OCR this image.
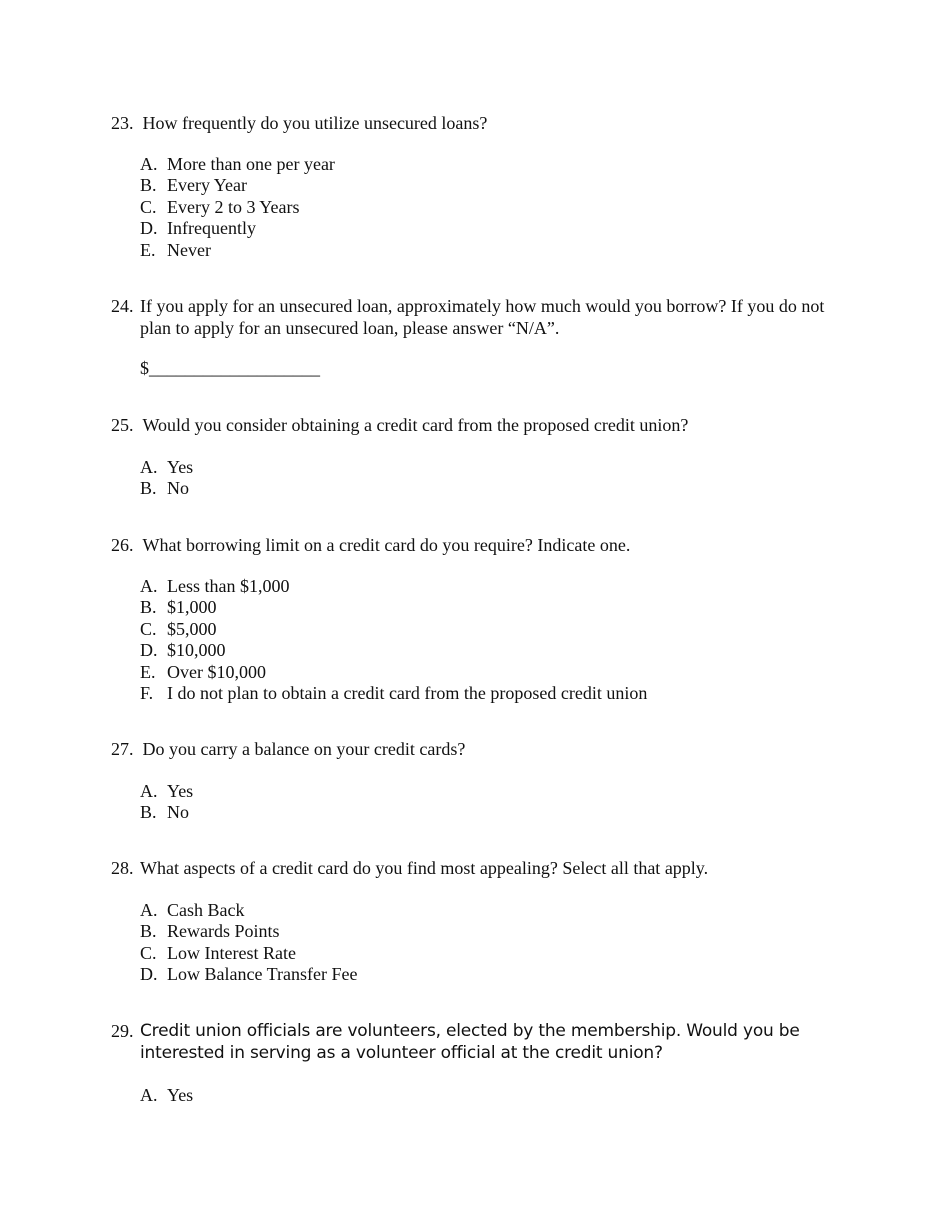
23. How frequently do you utilize unsecured loans?
A. More than one per year
B. Every Year
C. Every 2 to 3 Years
D. Infrequently
E. Never
24. If you apply for an unsecured loan, approximately how much would you borrow? If you do not plan to apply for an unsecured loan, please answer “N/A”.
$___________________
25. Would you consider obtaining a credit card from the proposed credit union?
A. Yes
B. No
26. What borrowing limit on a credit card do you require? Indicate one.
A. Less than $1,000
B. $1,000
C. $5,000
D. $10,000
E. Over $10,000
F. I do not plan to obtain a credit card from the proposed credit union
27. Do you carry a balance on your credit cards?
A. Yes
B. No
28. What aspects of a credit card do you find most appealing? Select all that apply.
A. Cash Back
B. Rewards Points
C. Low Interest Rate
D. Low Balance Transfer Fee
29. Credit union officials are volunteers, elected by the membership. Would you be interested in serving as a volunteer official at the credit union?
A. Yes
